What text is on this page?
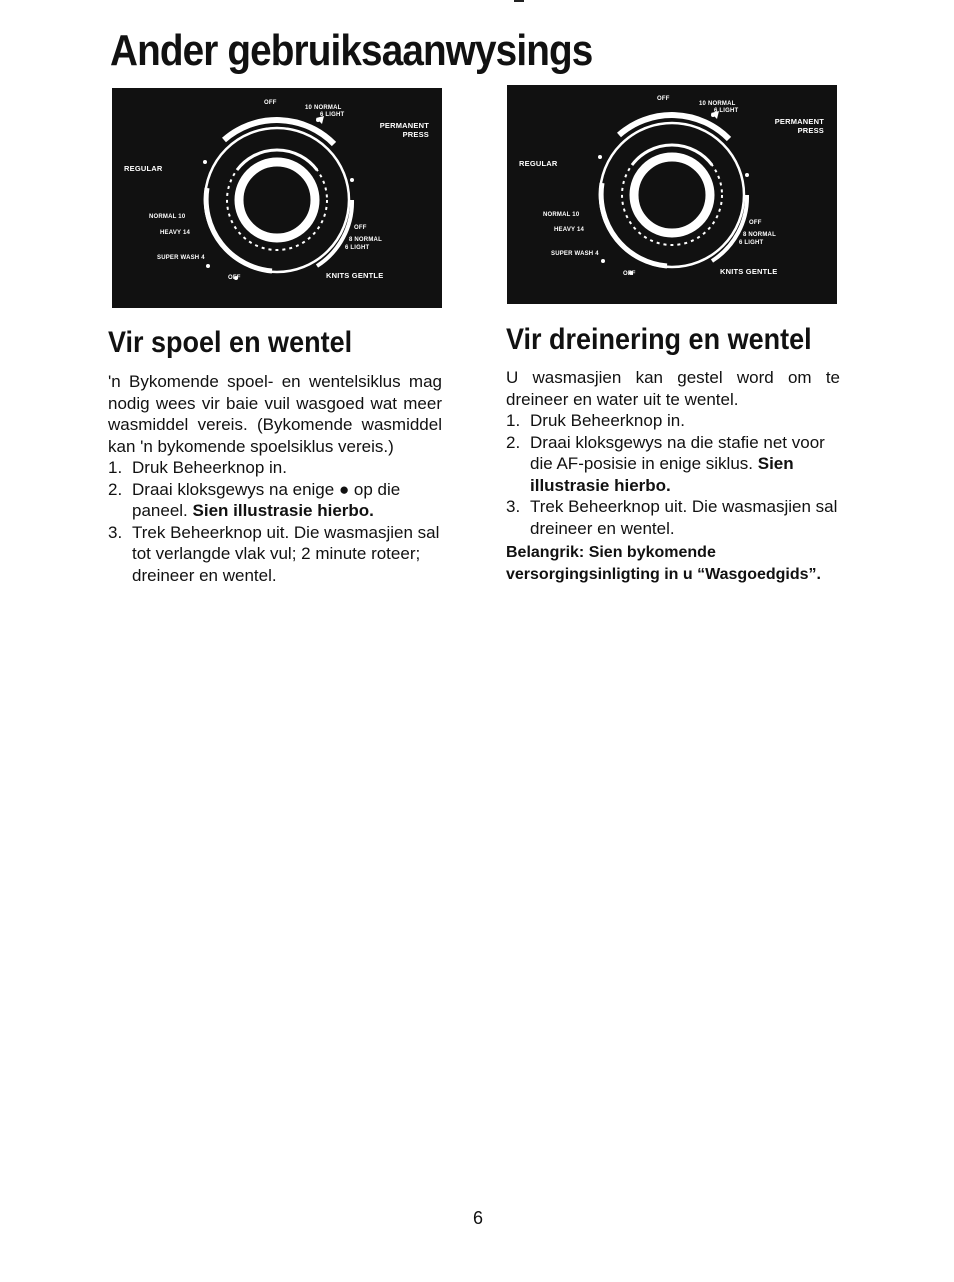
Ander gebruiksaanwysings
OFF
10 NORMAL
6 LIGHT
PERMANENT
PRESS
REGULAR
NORMAL 10
HEAVY 14
SUPER WASH 4
OFF
8 NORMAL
6 LIGHT
OFF	KNITS GENTLE
OFF
10 NORMAL
6 LIGHT
PERMANENT
PRESS
REGULAR
NORMAL 10
HEAVY 14
SUPER WASH 4
OFF
8 NORMAL
6 LIGHT
OFF	KNITS GENTLE
Vir spoel en wentel

'n Bykomende spoel- en wentelsiklus mag nodig wees vir baie vuil wasgoed wat meer wasmiddel vereis. (Bykomende wasmiddel kan 'n bykomende spoelsiklus vereis.)

1. Druk Beheerknop in.
2. Draai kloksgewys na enige ● op die paneel. Sien illustrasie hierbo.
3. Trek Beheerknop uit. Die wasmasjien sal tot verlangde vlak vul; 2 minute roteer; dreineer en wentel.
Vir dreinering en wentel

U wasmasjien kan gestel word om te dreineer en water uit te wentel.

1. Druk Beheerknop in.
2. Draai kloksgewys na die stafie net voor die AF-posisie in enige siklus. Sien illustrasie hierbo.
3. Trek Beheerknop uit. Die wasmasjien sal dreineer en wentel.

Belangrik: Sien bykomende versorgingsinligting in u “Wasgoedgids”.

6
